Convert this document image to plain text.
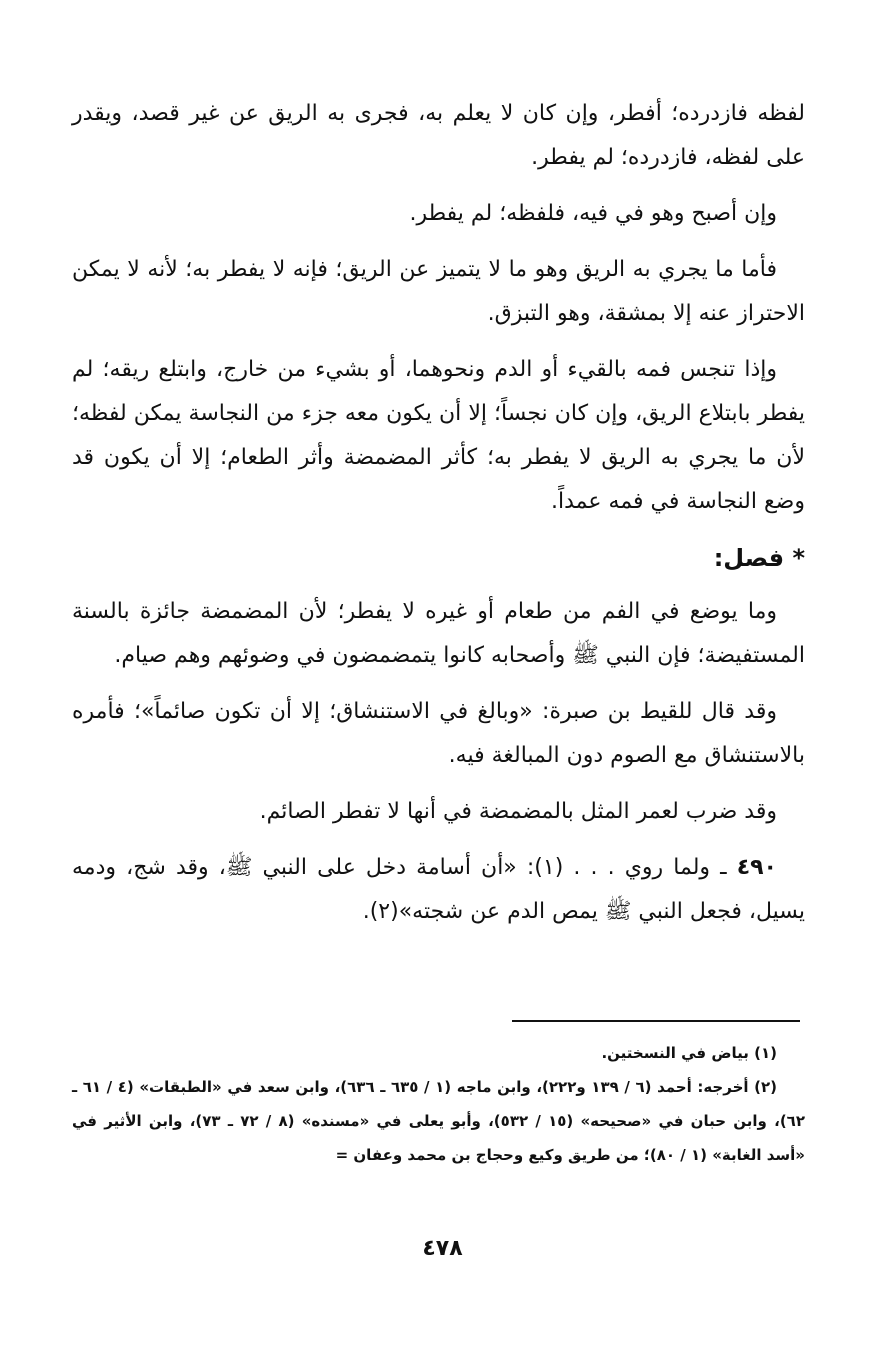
لفظه فازدرده؛ أفطر، وإن كان لا يعلم به، فجرى به الريق عن غير قصد، ويقدر على لفظه، فازدرده؛ لم يفطر.

وإن أصبح وهو في فيه، فلفظه؛ لم يفطر.

فأما ما يجري به الريق وهو ما لا يتميز عن الريق؛ فإنه لا يفطر به؛ لأنه لا يمكن الاحتراز عنه إلا بمشقة، وهو التبزق.

وإذا تنجس فمه بالقيء أو الدم ونحوهما، أو بشيء من خارج، وابتلع ريقه؛ لم يفطر بابتلاع الريق، وإن كان نجساً؛ إلا أن يكون معه جزء من النجاسة يمكن لفظه؛ لأن ما يجري به الريق لا يفطر به؛ كأثر المضمضة وأثر الطعام؛ إلا أن يكون قد وضع النجاسة في فمه عمداً.

* فصل:

وما يوضع في الفم من طعام أو غيره لا يفطر؛ لأن المضمضة جائزة بالسنة المستفيضة؛ فإن النبي ﷺ وأصحابه كانوا يتمضمضون في وضوئهم وهم صيام.

وقد قال للقيط بن صبرة: «وبالغ في الاستنشاق؛ إلا أن تكون صائماً»؛ فأمره بالاستنشاق مع الصوم دون المبالغة فيه.

وقد ضرب لعمر المثل بالمضمضة في أنها لا تفطر الصائم.

٤٩٠ ـ ولما روي . . . (١): «أن أسامة دخل على النبي ﷺ، وقد شج، ودمه يسيل، فجعل النبي ﷺ يمص الدم عن شجته»(٢).

(١) بياض في النسختين.

(٢) أخرجه: أحمد (٦ / ١٣٩ و٢٢٢)، وابن ماجه (١ / ٦٣٥ ـ ٦٣٦)، وابن سعد في «الطبقات» (٤ / ٦١ ـ ٦٢)، وابن حبان في «صحيحه» (١٥ / ٥٣٢)، وأبو يعلى في «مسنده» (٨ / ٧٢ ـ ٧٣)، وابن الأثير في «أسد الغابة» (١ / ٨٠)؛ من طريق وكيع وحجاج بن محمد وعفان =

٤٧٨
